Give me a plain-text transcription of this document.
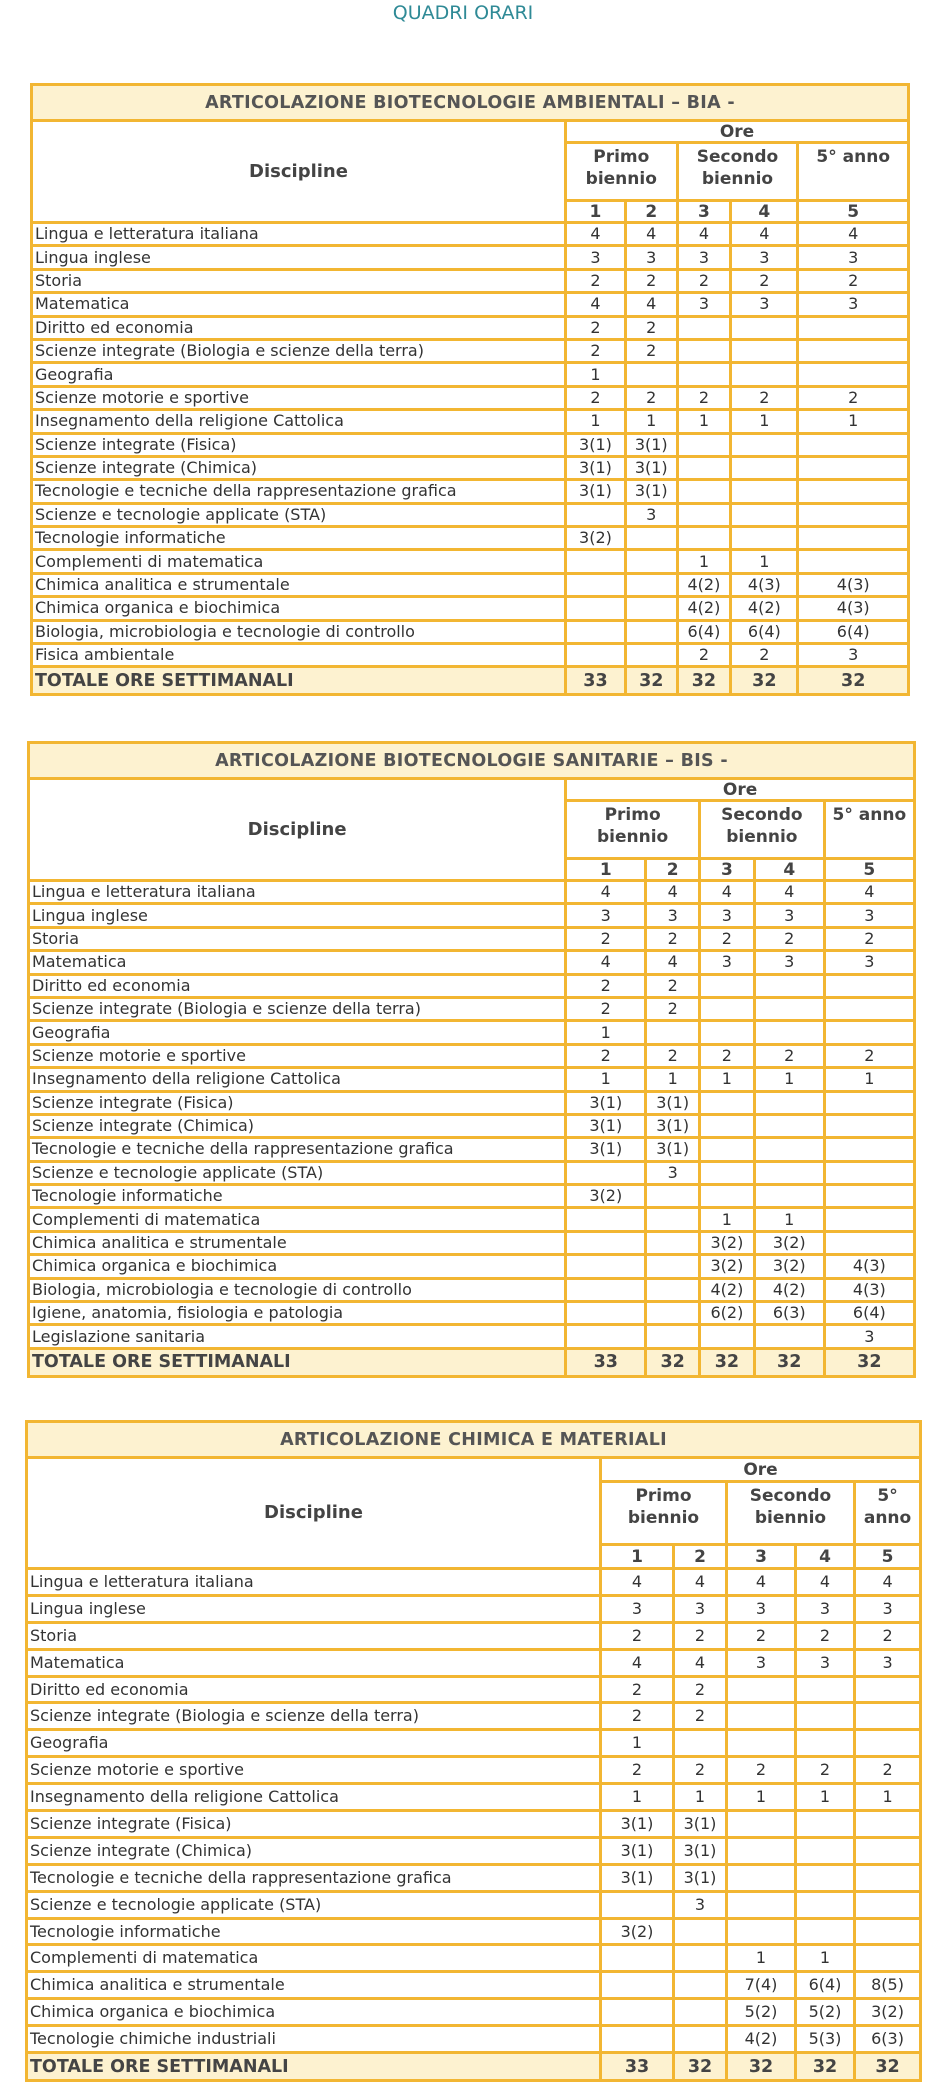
QUADRI ORARI
ARTICOLAZIONE BIOTECNOLOGIE AMBIENTALI – BIA -					
Discipline	Ore				
	Primo biennio		Secondo biennio		5° anno
	1	2	3	4	5
Lingua e letteratura italiana	4	4	4	4	4
Lingua inglese	3	3	3	3	3
Storia	2	2	2	2	2
Matematica	4	4	3	3	3
Diritto ed economia	2	2			
Scienze integrate (Biologia e scienze della terra)	2	2			
Geografia	1				
Scienze motorie e sportive	2	2	2	2	2
Insegnamento della religione Cattolica	1	1	1	1	1
Scienze integrate (Fisica)	3(1)	3(1)			
Scienze integrate (Chimica)	3(1)	3(1)			
Tecnologie e tecniche della rappresentazione grafica	3(1)	3(1)			
Scienze e tecnologie applicate (STA)		3			
Tecnologie informatiche	3(2)				
Complementi di matematica			1	1	
Chimica analitica e strumentale			4(2)	4(3)	4(3)
Chimica organica e biochimica			4(2)	4(2)	4(3)
Biologia, microbiologia e tecnologie di controllo			6(4)	6(4)	6(4)
Fisica ambientale			2	2	3
TOTALE ORE SETTIMANALI	33	32	32	32	32
ARTICOLAZIONE BIOTECNOLOGIE SANITARIE – BIS -					
Discipline	Ore				
	Primo biennio		Secondo biennio		5° anno
	1	2	3	4	5
Lingua e letteratura italiana	4	4	4	4	4
Lingua inglese	3	3	3	3	3
Storia	2	2	2	2	2
Matematica	4	4	3	3	3
Diritto ed economia	2	2			
Scienze integrate (Biologia e scienze della terra)	2	2			
Geografia	1				
Scienze motorie e sportive	2	2	2	2	2
Insegnamento della religione Cattolica	1	1	1	1	1
Scienze integrate (Fisica)	3(1)	3(1)			
Scienze integrate (Chimica)	3(1)	3(1)			
Tecnologie e tecniche della rappresentazione grafica	3(1)	3(1)			
Scienze e tecnologie applicate (STA)		3			
Tecnologie informatiche	3(2)				
Complementi di matematica			1	1	
Chimica analitica e strumentale			3(2)	3(2)	
Chimica organica e biochimica			3(2)	3(2)	4(3)
Biologia, microbiologia e tecnologie di controllo			4(2)	4(2)	4(3)
Igiene, anatomia, fisiologia e patologia			6(2)	6(3)	6(4)
Legislazione sanitaria					3
TOTALE ORE SETTIMANALI	33	32	32	32	32
ARTICOLAZIONE CHIMICA E MATERIALI					
Discipline	Ore				
	Primo biennio		Secondo biennio		5° anno
	1	2	3	4	5
Lingua e letteratura italiana	4	4	4	4	4
Lingua inglese	3	3	3	3	3
Storia	2	2	2	2	2
Matematica	4	4	3	3	3
Diritto ed economia	2	2			
Scienze integrate (Biologia e scienze della terra)	2	2			
Geografia	1				
Scienze motorie e sportive	2	2	2	2	2
Insegnamento della religione Cattolica	1	1	1	1	1
Scienze integrate (Fisica)	3(1)	3(1)			
Scienze integrate (Chimica)	3(1)	3(1)			
Tecnologie e tecniche della rappresentazione grafica	3(1)	3(1)			
Scienze e tecnologie applicate (STA)		3			
Tecnologie informatiche	3(2)				
Complementi di matematica			1	1	
Chimica analitica e strumentale			7(4)	6(4)	8(5)
Chimica organica e biochimica			5(2)	5(2)	3(2)
Tecnologie chimiche industriali			4(2)	5(3)	6(3)
TOTALE ORE SETTIMANALI	33	32	32	32	32
